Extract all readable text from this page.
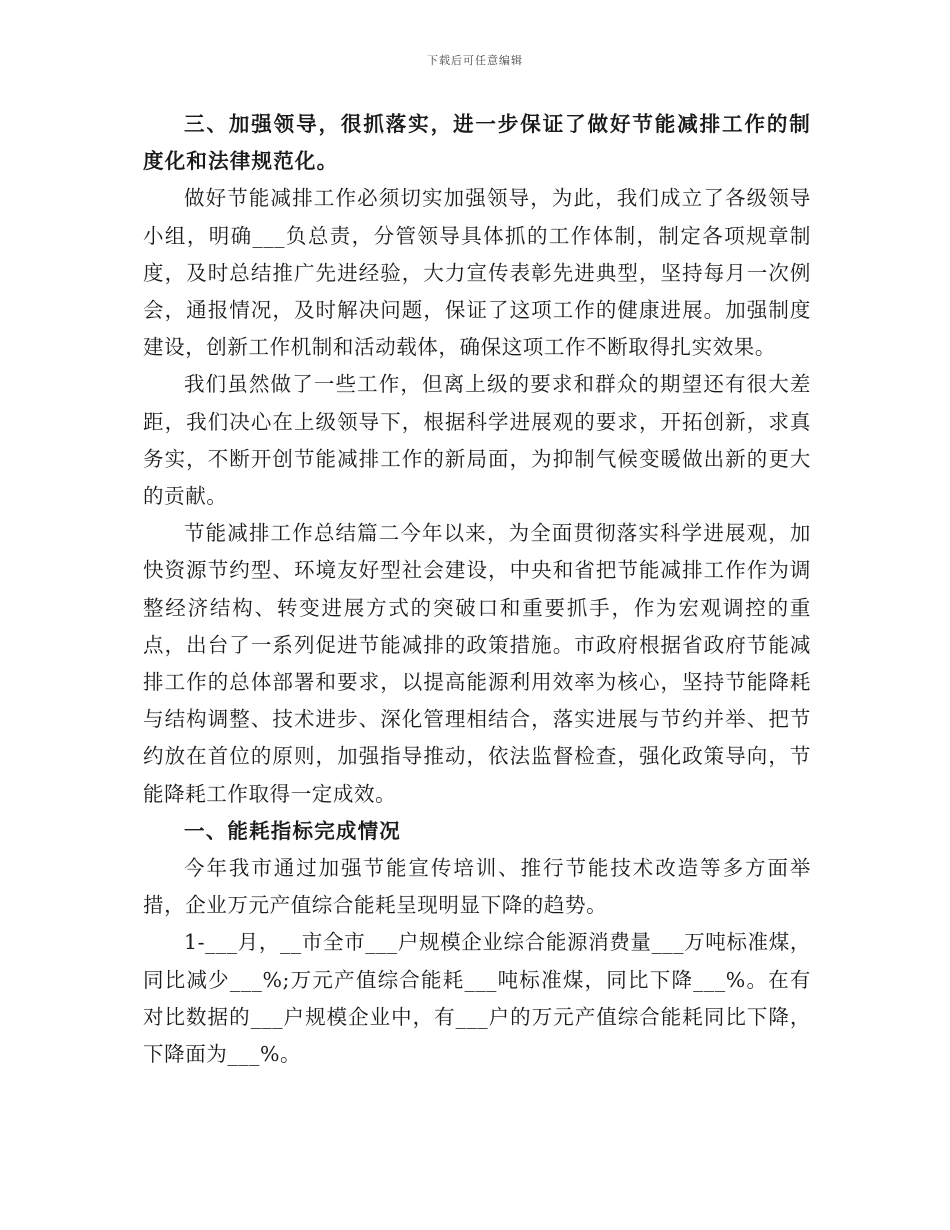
下载后可任意编辑

三、加强领导，很抓落实，进一步保证了做好节能减排工作的制度化和法律规范化。

做好节能减排工作必须切实加强领导，为此，我们成立了各级领导小组，明确___负总责，分管领导具体抓的工作体制，制定各项规章制度，及时总结推广先进经验，大力宣传表彰先进典型，坚持每月一次例会，通报情况，及时解决问题，保证了这项工作的健康进展。加强制度建设，创新工作机制和活动载体，确保这项工作不断取得扎实效果。

我们虽然做了一些工作，但离上级的要求和群众的期望还有很大差距，我们决心在上级领导下，根据科学进展观的要求，开拓创新，求真务实，不断开创节能减排工作的新局面，为抑制气候变暖做出新的更大的贡献。

节能减排工作总结篇二今年以来，为全面贯彻落实科学进展观，加快资源节约型、环境友好型社会建设，中央和省把节能减排工作作为调整经济结构、转变进展方式的突破口和重要抓手，作为宏观调控的重点，出台了一系列促进节能减排的政策措施。市政府根据省政府节能减排工作的总体部署和要求，以提高能源利用效率为核心，坚持节能降耗与结构调整、技术进步、深化管理相结合，落实进展与节约并举、把节约放在首位的原则，加强指导推动，依法监督检查，强化政策导向，节能降耗工作取得一定成效。

一、能耗指标完成情况

今年我市通过加强节能宣传培训、推行节能技术改造等多方面举措，企业万元产值综合能耗呈现明显下降的趋势。

1-___月，__市全市___户规模企业综合能源消费量___万吨标准煤，同比减少___%;万元产值综合能耗___吨标准煤，同比下降___%。在有对比数据的___户规模企业中，有___户的万元产值综合能耗同比下降，下降面为___%。
